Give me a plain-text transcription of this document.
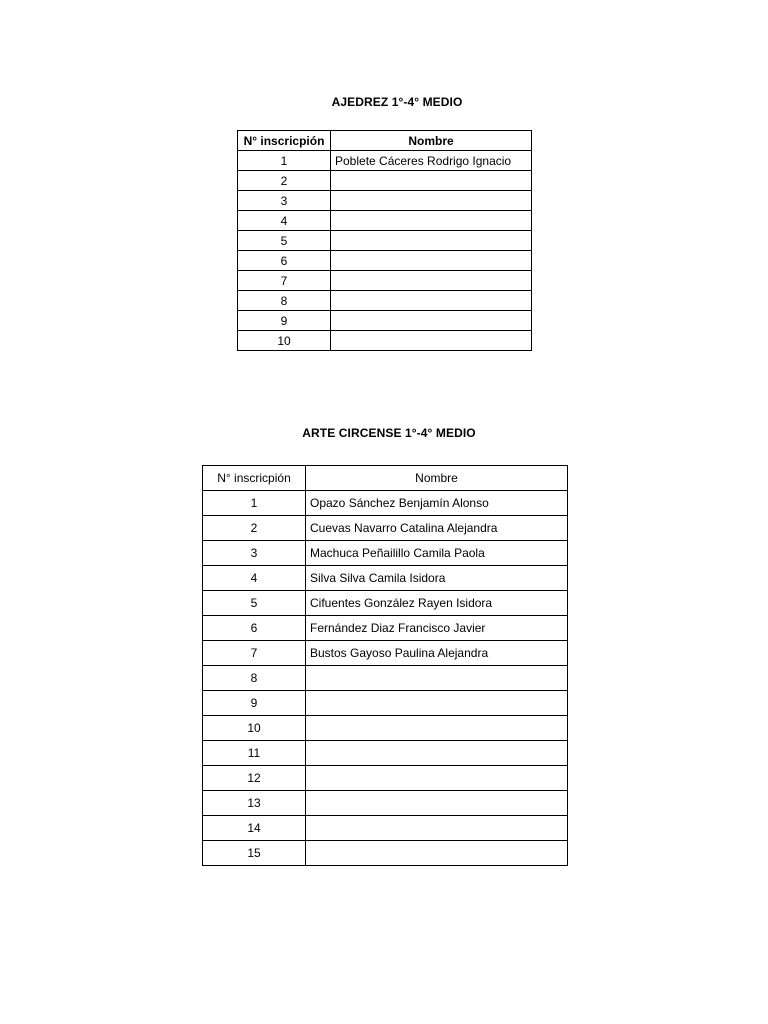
AJEDREZ 1°-4° MEDIO
N° inscricpión	Nombre
1	Poblete Cáceres Rodrigo Ignacio
2	
3	
4	
5	
6	
7	
8	
9	
10	
ARTE CIRCENSE 1°-4° MEDIO
N° inscricpión	Nombre
1	Opazo Sánchez Benjamín Alonso
2	Cuevas Navarro Catalina Alejandra
3	Machuca Peñailillo Camila Paola
4	Silva Silva Camila Isidora
5	Cifuentes González Rayen Isidora
6	Fernández Diaz Francisco Javier
7	Bustos Gayoso Paulina Alejandra
8	
9	
10	
11	
12	
13	
14	
15	
